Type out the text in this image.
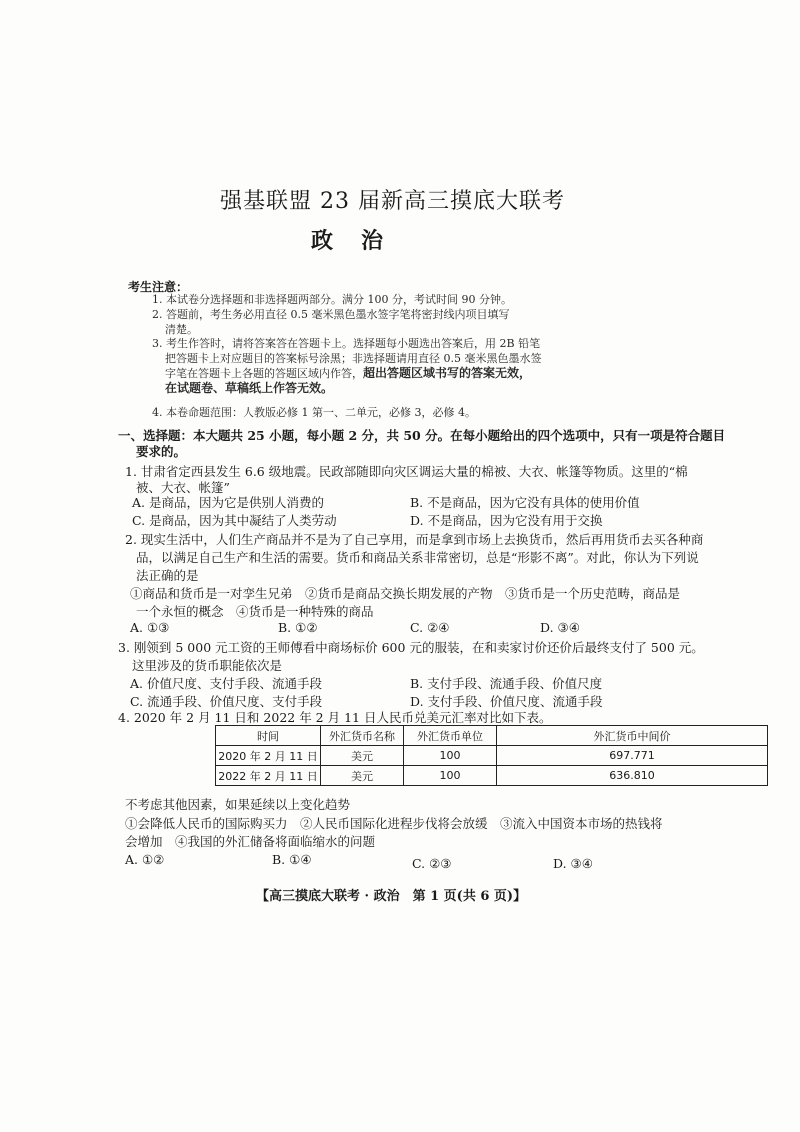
强基联盟 23 届新高三摸底大联考
政治
考生注意：
1. 本试卷分选择题和非选择题两部分。满分 100 分，考试时间 90 分钟。
2. 答题前，考生务必用直径 0.5 毫米黑色墨水签字笔将密封线内项目填写
清楚。
3. 考生作答时，请将答案答在答题卡上。选择题每小题选出答案后，用 2B 铅笔
把答题卡上对应题目的答案标号涂黑；非选择题请用直径 0.5 毫米黑色墨水签
字笔在答题卡上各题的答题区域内作答，超出答题区域书写的答案无效，
在试题卷、草稿纸上作答无效。
4. 本卷命题范围：人教版必修 1 第一、二单元，必修 3，必修 4。
一、选择题：本大题共 25 小题，每小题 2 分，共 50 分。在每小题给出的四个选项中，只有一项是符合题目
要求的。
1. 甘肃省定西县发生 6.6 级地震。民政部随即向灾区调运大量的棉被、大衣、帐篷等物质。这里的“棉
被、大衣、帐篷”
A. 是商品，因为它是供别人消费的	B. 不是商品，因为它没有具体的使用价值
C. 是商品，因为其中凝结了人类劳动	D. 不是商品，因为它没有用于交换
2. 现实生活中，人们生产商品并不是为了自己享用，而是拿到市场上去换货币，然后再用货币去买各种商
品，以满足自己生产和生活的需要。货币和商品关系非常密切，总是“形影不离”。对此，你认为下列说
法正确的是
①商品和货币是一对孪生兄弟　②货币是商品交换长期发展的产物　③货币是一个历史范畴，商品是
一个永恒的概念　④货币是一种特殊的商品
A. ①③	B. ①②	C. ②④	D. ③④
3. 刚领到 5 000 元工资的王师傅看中商场标价 600 元的服装，在和卖家讨价还价后最终支付了 500 元。
这里涉及的货币职能依次是
A. 价值尺度、支付手段、流通手段	B. 支付手段、流通手段、价值尺度
C. 流通手段、价值尺度、支付手段	D. 支付手段、价值尺度、流通手段
4. 2020 年 2 月 11 日和 2022 年 2 月 11 日人民币兑美元汇率对比如下表。
时间	外汇货币名称	外汇货币单位	外汇货币中间价
2020 年 2 月 11 日	美元	100	697.771
2022 年 2 月 11 日	美元	100	636.810
不考虑其他因素，如果延续以上变化趋势
①会降低人民币的国际购买力　②人民币国际化进程步伐将会放缓　③流入中国资本市场的热钱将
会增加　④我国的外汇储备将面临缩水的问题
A. ①②	B. ①④	C. ②③	D. ③④
【高三摸底大联考 · 政治　第 1 页(共 6 页)】
